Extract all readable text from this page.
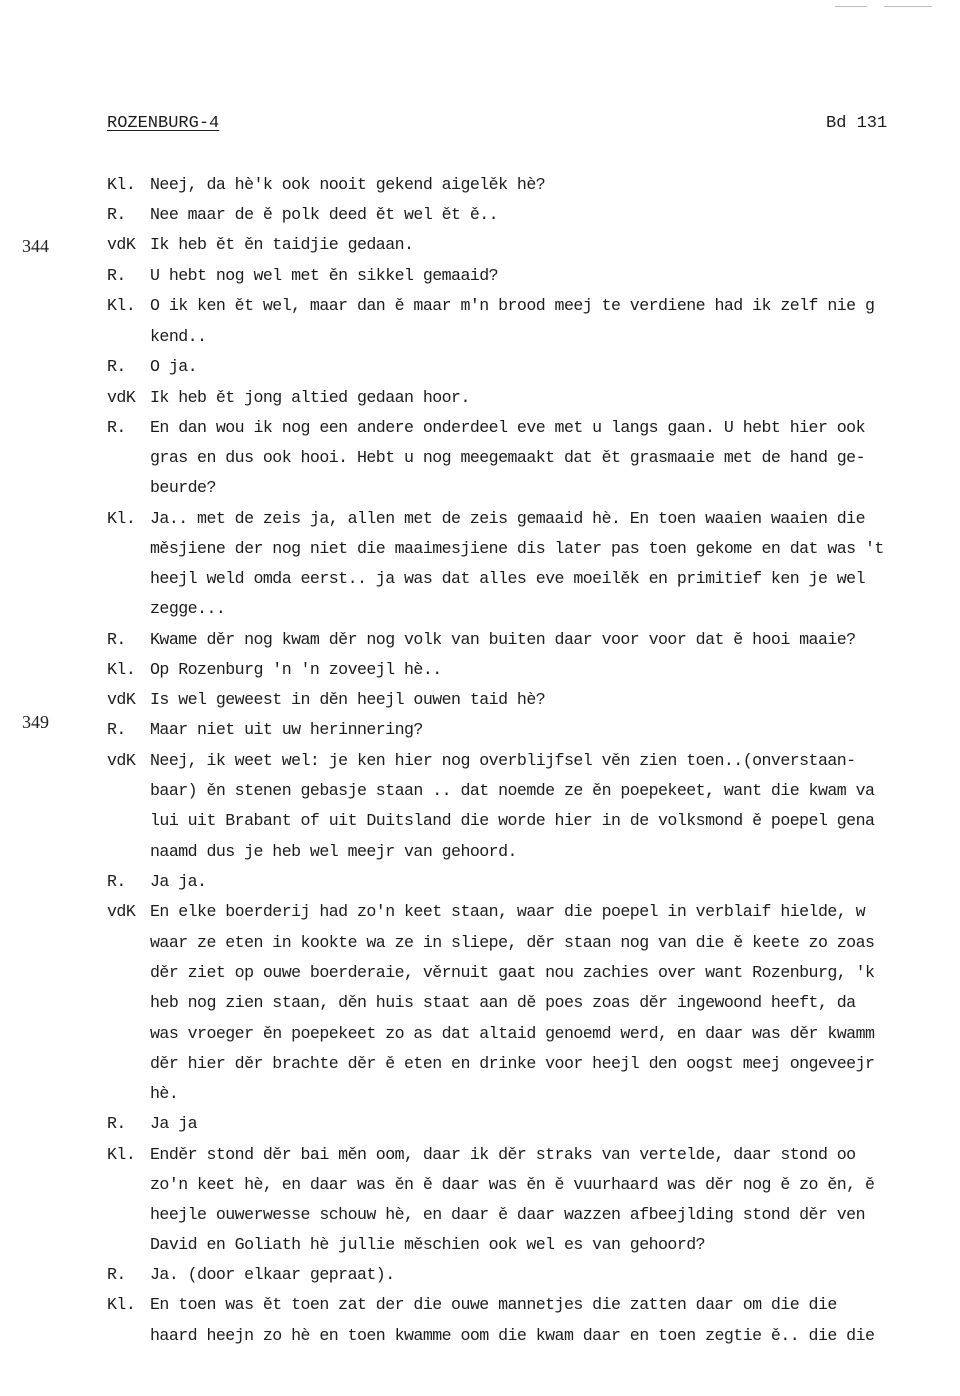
ROZENBURG-4	Bd 131
344
349
Kl. Neej, da hè'k ook nooit gekend aigelěk hè?
R. Nee maar de ě polk deed ět wel ět ě..
vdK Ik heb ět ěn taidjie gedaan.
R. U hebt nog wel met ěn sikkel gemaaid?
Kl. O ik ken ět wel, maar dan ě maar m'n brood meej te verdiene had ik zelf nie g
kend..
R. O ja.
vdK Ik heb ět jong altied gedaan hoor.
R. En dan wou ik nog een andere onderdeel eve met u langs gaan. U hebt hier ook
gras en dus ook hooi. Hebt u nog meegemaakt dat ět grasmaaie met de hand ge-
beurde?
Kl. Ja.. met de zeis ja, allen met de zeis gemaaid hè. En toen waaien waaien die
měsjiene der nog niet die maaimesjiene dis later pas toen gekome en dat was 't
heejl weld omda eerst.. ja was dat alles eve moeilěk en primitief ken je wel
zegge...
R. Kwame děr nog kwam děr nog volk van buiten daar voor voor dat ě hooi maaie?
Kl. Op Rozenburg 'n 'n zoveejl hè..
vdK Is wel geweest in děn heejl ouwen taid hè?
R. Maar niet uit uw herinnering?
vdK Neej, ik weet wel: je ken hier nog overblijfsel věn zien toen..(onverstaan-
baar) ěn stenen gebasje staan .. dat noemde ze ěn poepekeet, want die kwam va
lui uit Brabant of uit Duitsland die worde hier in de volksmond ě poepel gena
naamd dus je heb wel meejr van gehoord.
R. Ja ja.
vdK En elke boerderij had zo'n keet staan, waar die poepel in verblaif hielde, w
waar ze eten in kookte wa ze in sliepe, děr staan nog van die ě keete zo zoas
děr ziet op ouwe boerderaie, věrnuit gaat nou zachies over want Rozenburg, 'k
heb nog zien staan, děn huis staat aan dě poes zoas děr ingewoond heeft, da
was vroeger ěn poepekeet zo as dat altaid genoemd werd, en daar was děr kwamm
děr hier děr brachte děr ě eten en drinke voor heejl den oogst meej ongeveejr
hè.
R. Ja ja
Kl. Enděr stond děr bai měn oom, daar ik děr straks van vertelde, daar stond oo
zo'n keet hè, en daar was ěn ě daar was ěn ě vuurhaard was děr nog ě zo ěn, ě
heejle ouwerwesse schouw hè, en daar ě daar wazzen afbeejlding stond děr ven
David en Goliath hè jullie měschien ook wel es van gehoord?
R. Ja. (door elkaar gepraat).
Kl. En toen was ět toen zat der die ouwe mannetjes die zatten daar om die die
haard heejn zo hè en toen kwamme oom die kwam daar en toen zegtie ě.. die die
